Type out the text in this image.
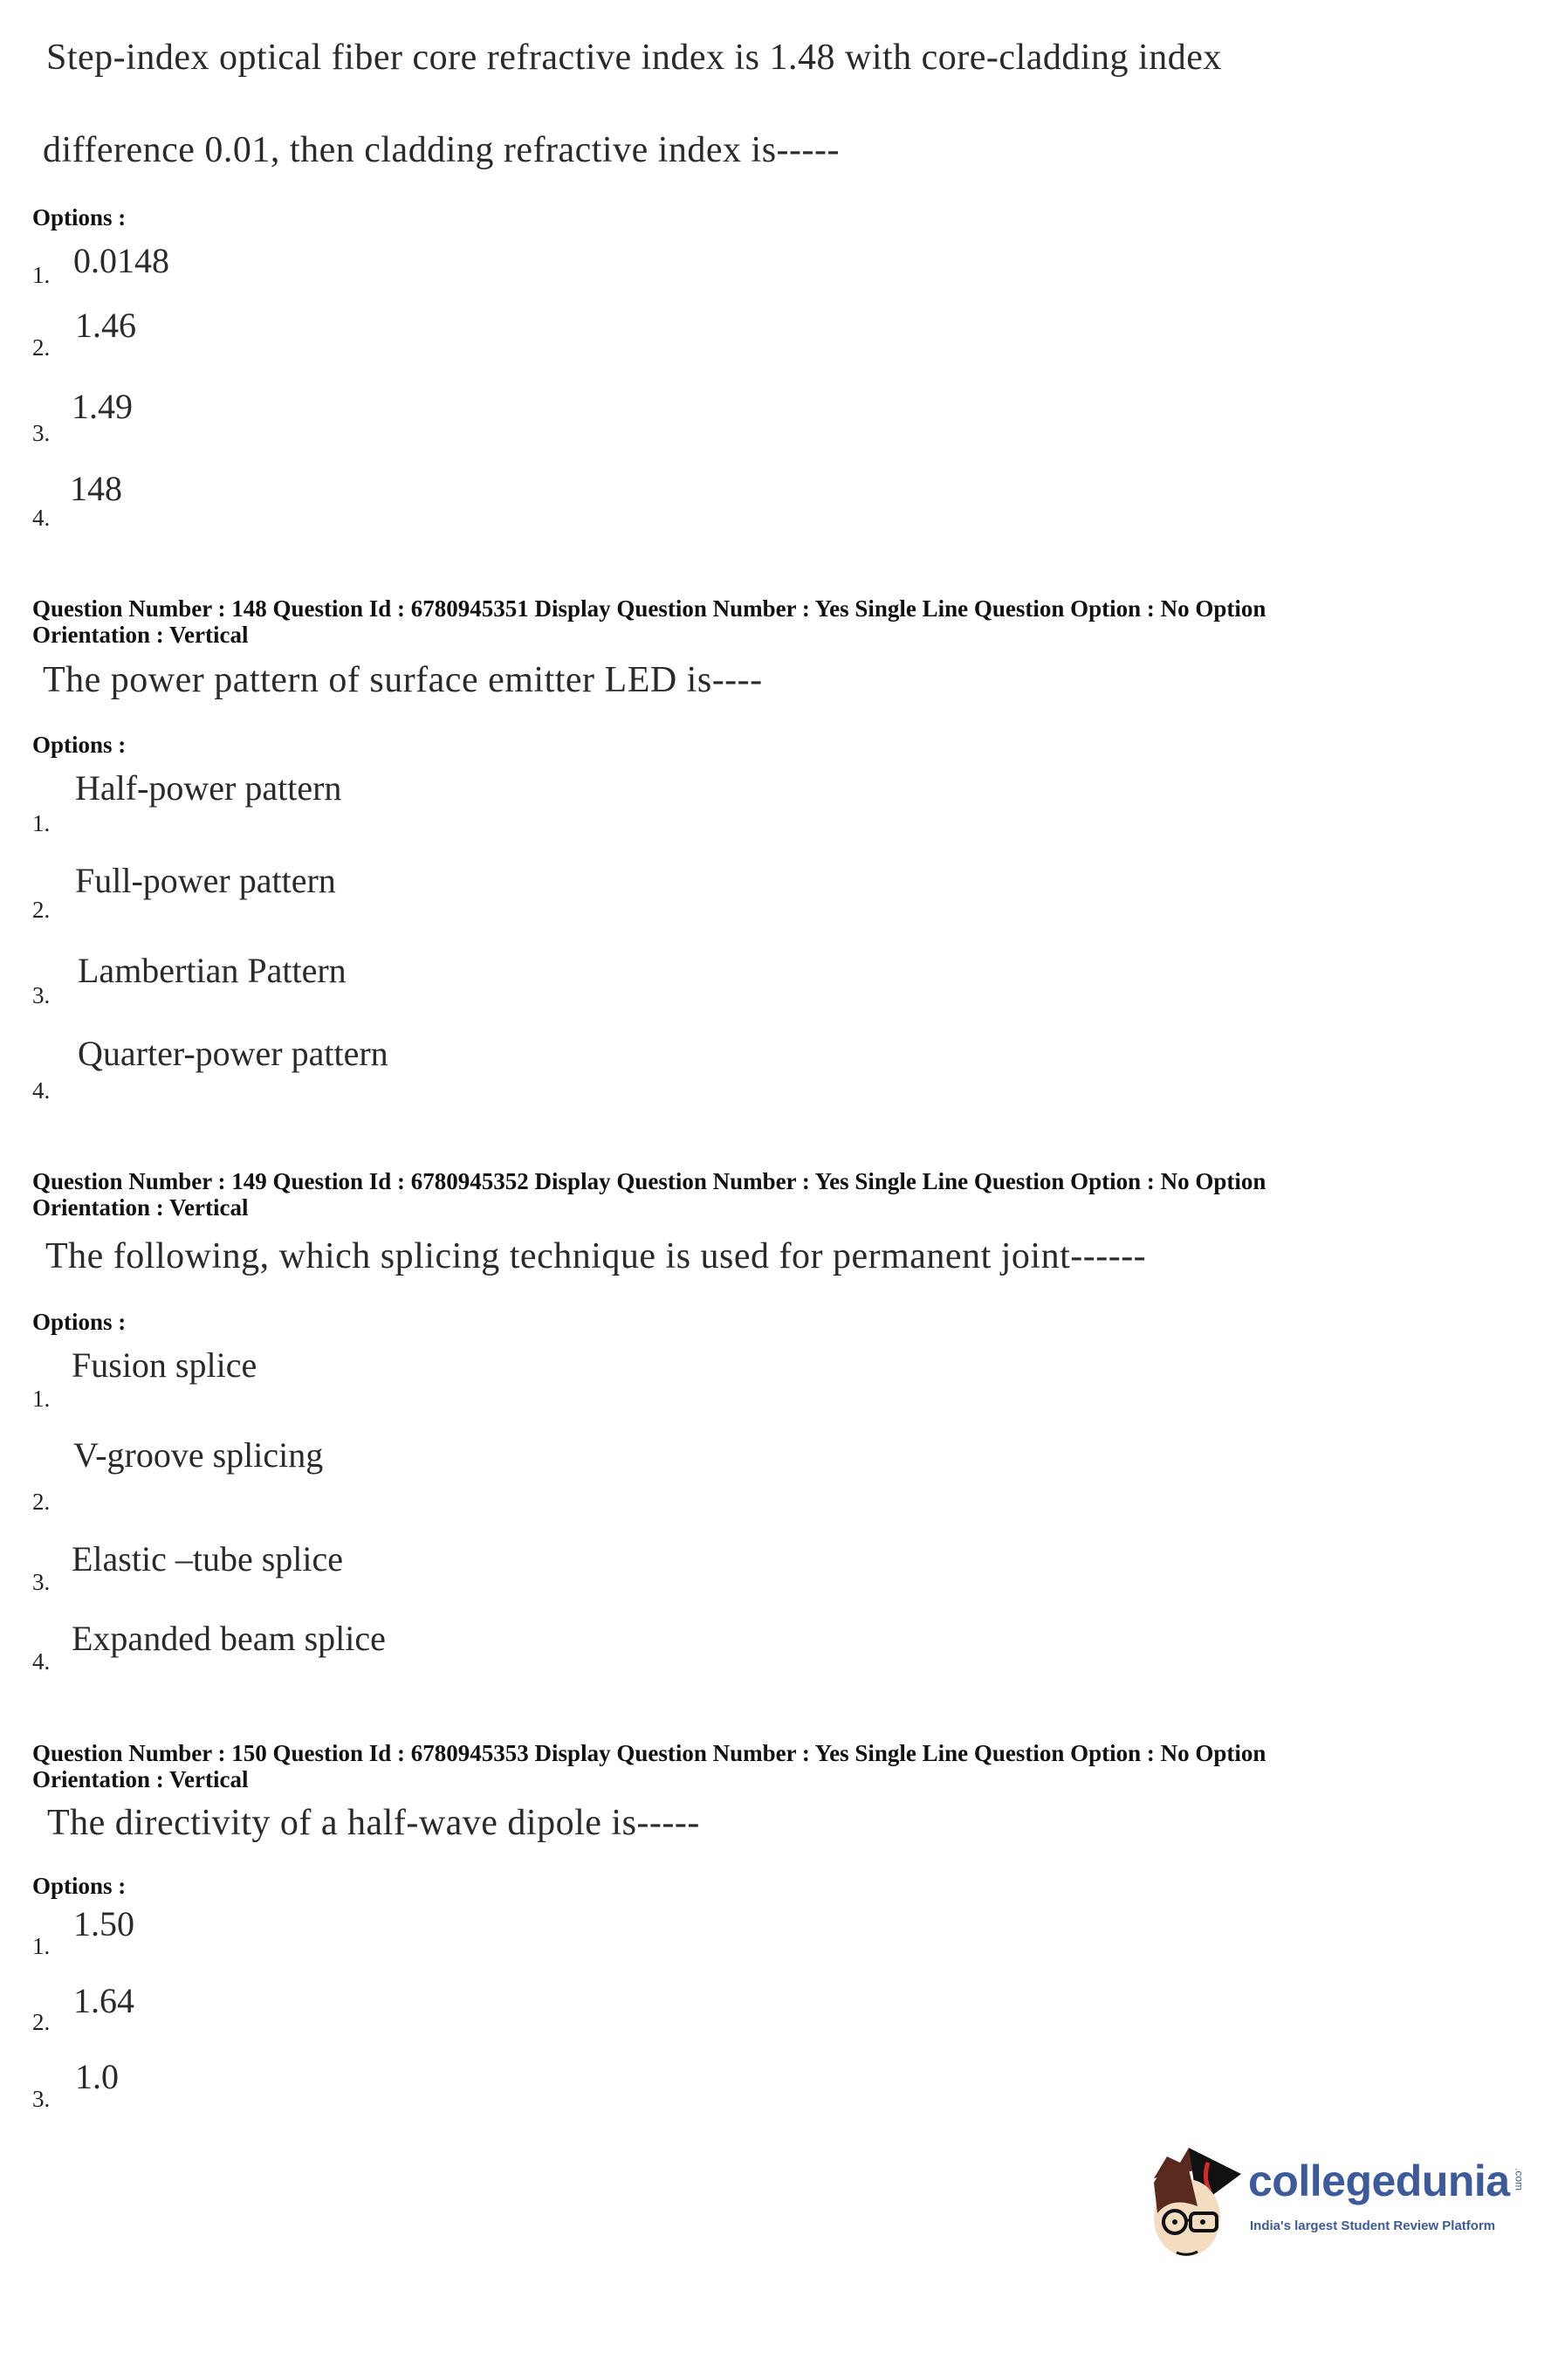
Step-index optical fiber core refractive index is 1.48 with core-cladding index
difference 0.01, then cladding refractive index is-----
Options :
1. 0.0148
2.
1.46
3.
1.49
4.
148
Question Number : 148 Question Id : 6780945351 Display Question Number : Yes Single Line Question Option : No Option
Orientation : Vertical
The power pattern of surface emitter LED is----
Options :
1.
Half-power pattern
2.
Full-power pattern
3.
Lambertian Pattern
4.
Quarter-power pattern
Question Number : 149 Question Id : 6780945352 Display Question Number : Yes Single Line Question Option : No Option
Orientation : Vertical
The following, which splicing technique is used for permanent joint------
Options :
1.
Fusion splice
2.
V-groove splicing
3.
Elastic –tube splice
4.
Expanded beam splice
Question Number : 150 Question Id : 6780945353 Display Question Number : Yes Single Line Question Option : No Option
Orientation : Vertical
The directivity of a half-wave dipole is-----
Options :
1.
1.50
2.
1.64
3.
1.0
collegedunia .com
India's largest Student Review Platform
